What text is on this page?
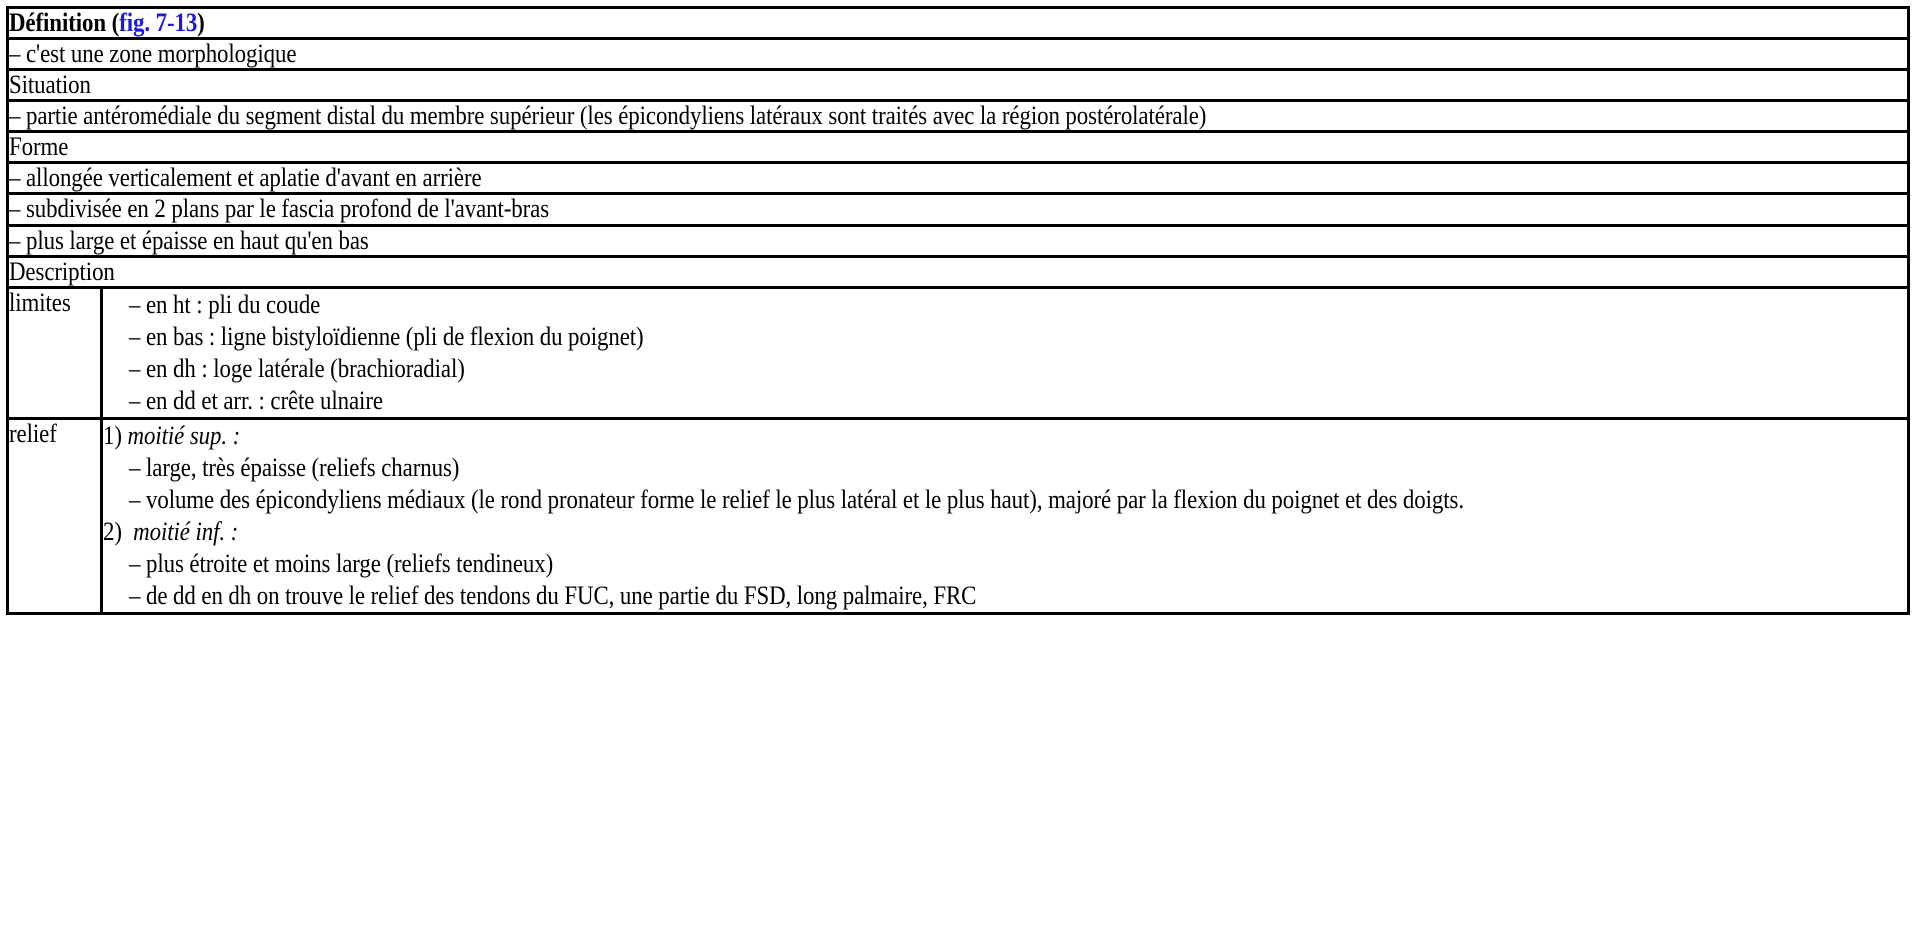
Définition (fig. 7-13)	

– c'est une zone morphologique	

Situation	

– partie antéromédiale du segment distal du membre supérieur (les épicondyliens latéraux sont traités avec la région postérolatérale)	

Forme	

– allongée verticalement et aplatie d'avant en arrière	

– subdivisée en 2 plans par le fascia profond de l'avant-bras	

– plus large et épaisse en haut qu'en bas	

Description	

limites	– en ht : pli du coude
– en bas : ligne bistyloïdienne (pli de flexion du poignet)
– en dh : loge latérale (brachioradial)
– en dd et arr. : crête ulnaire

relief	1) moitié sup. :
– large, très épaisse (reliefs charnus)
– volume des épicondyliens médiaux (le rond pronateur forme le relief le plus latéral et le plus haut), majoré par la flexion du poignet et des doigts.
2) moitié inf. :
– plus étroite et moins large (reliefs tendineux)
– de dd en dh on trouve le relief des tendons du FUC, une partie du FSD, long palmaire, FRC
